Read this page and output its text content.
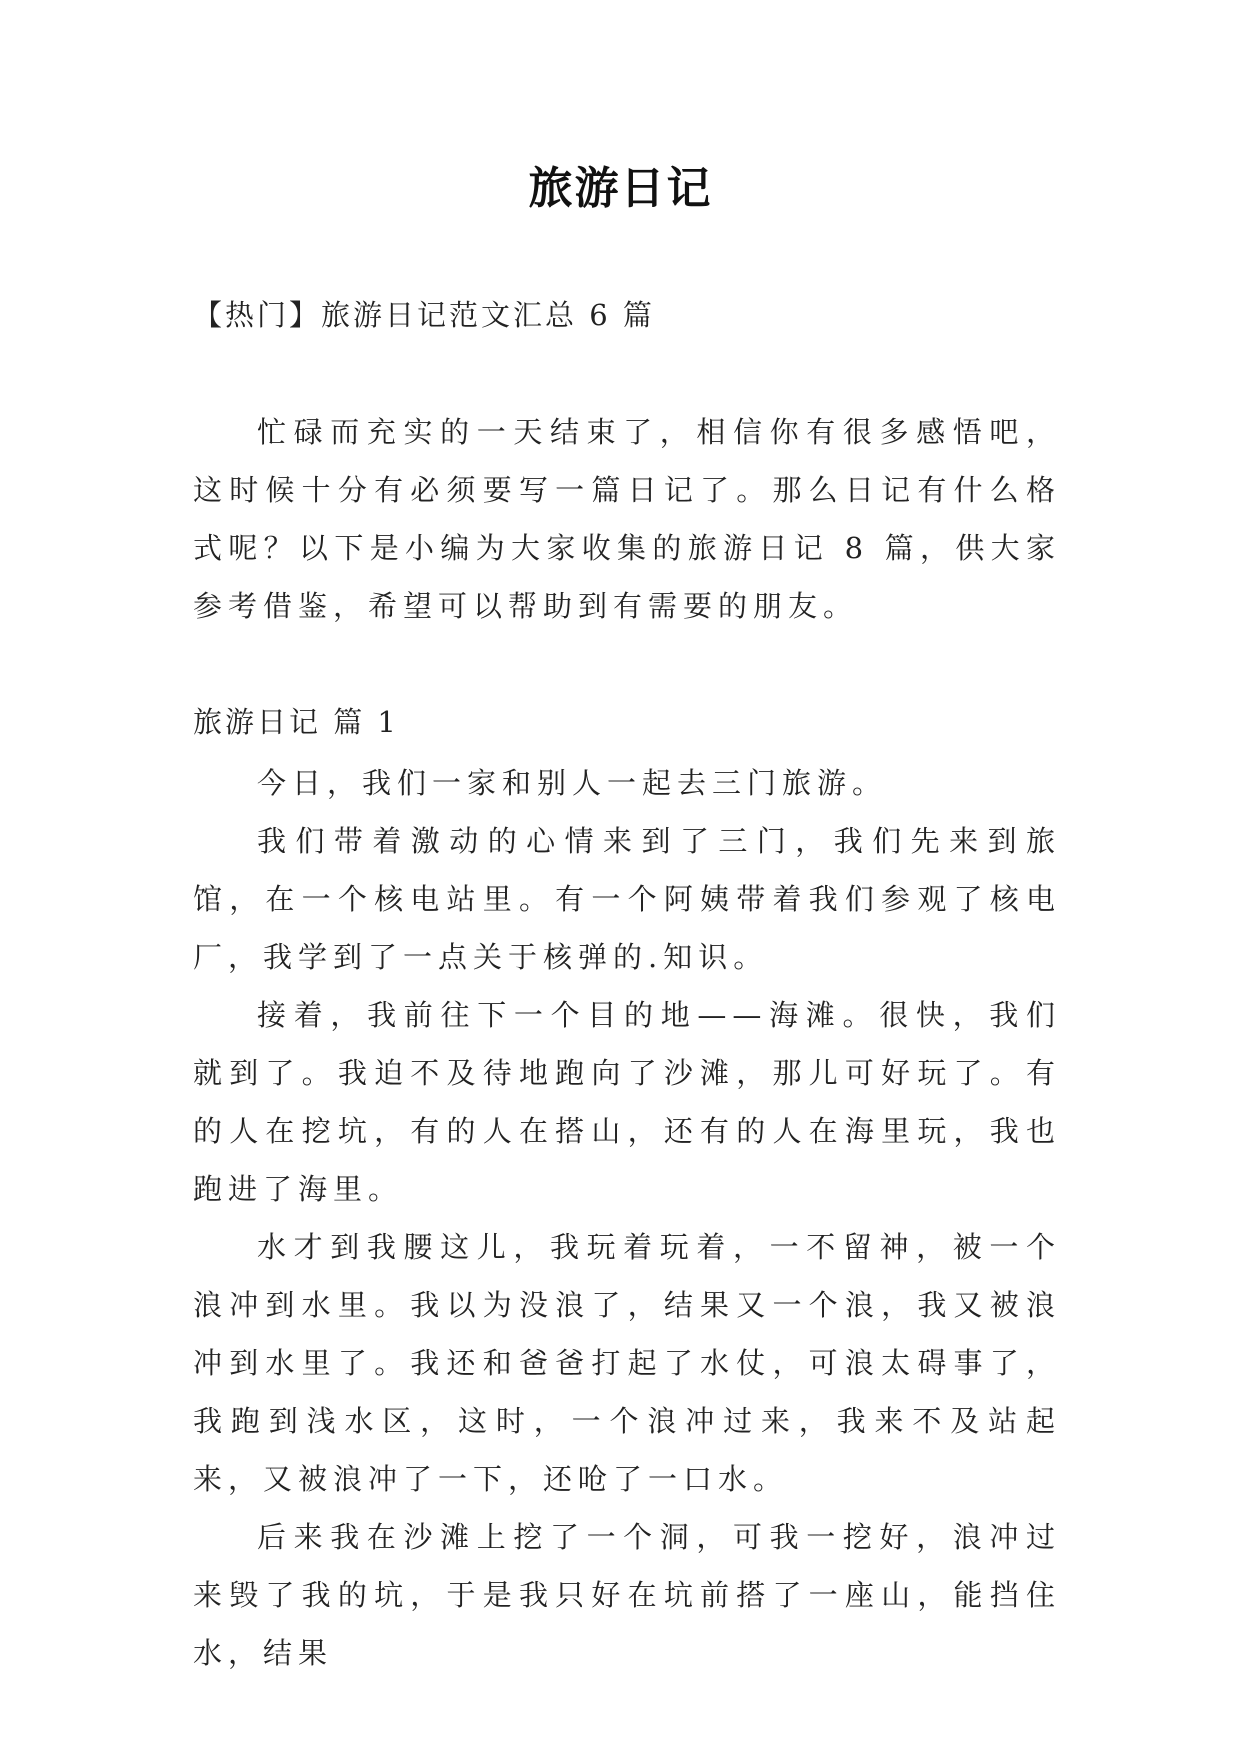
旅游日记

【热门】旅游日记范文汇总 6 篇

忙碌而充实的一天结束了，相信你有很多感悟吧，这时候十分有必须要写一篇日记了。那么日记有什么格式呢？以下是小编为大家收集的旅游日记 8 篇，供大家参考借鉴，希望可以帮助到有需要的朋友。

旅游日记 篇 1

今日，我们一家和别人一起去三门旅游。

我们带着激动的心情来到了三门，我们先来到旅馆，在一个核电站里。有一个阿姨带着我们参观了核电厂，我学到了一点关于核弹的.知识。

接着，我前往下一个目的地——海滩。很快，我们就到了。我迫不及待地跑向了沙滩，那儿可好玩了。有的人在挖坑，有的人在搭山，还有的人在海里玩，我也跑进了海里。

水才到我腰这儿，我玩着玩着，一不留神，被一个浪冲到水里。我以为没浪了，结果又一个浪，我又被浪冲到水里了。我还和爸爸打起了水仗，可浪太碍事了，我跑到浅水区，这时，一个浪冲过来，我来不及站起来，又被浪冲了一下，还呛了一口水。

后来我在沙滩上挖了一个洞，可我一挖好，浪冲过来毁了我的坑，于是我只好在坑前搭了一座山，能挡住水，结果
